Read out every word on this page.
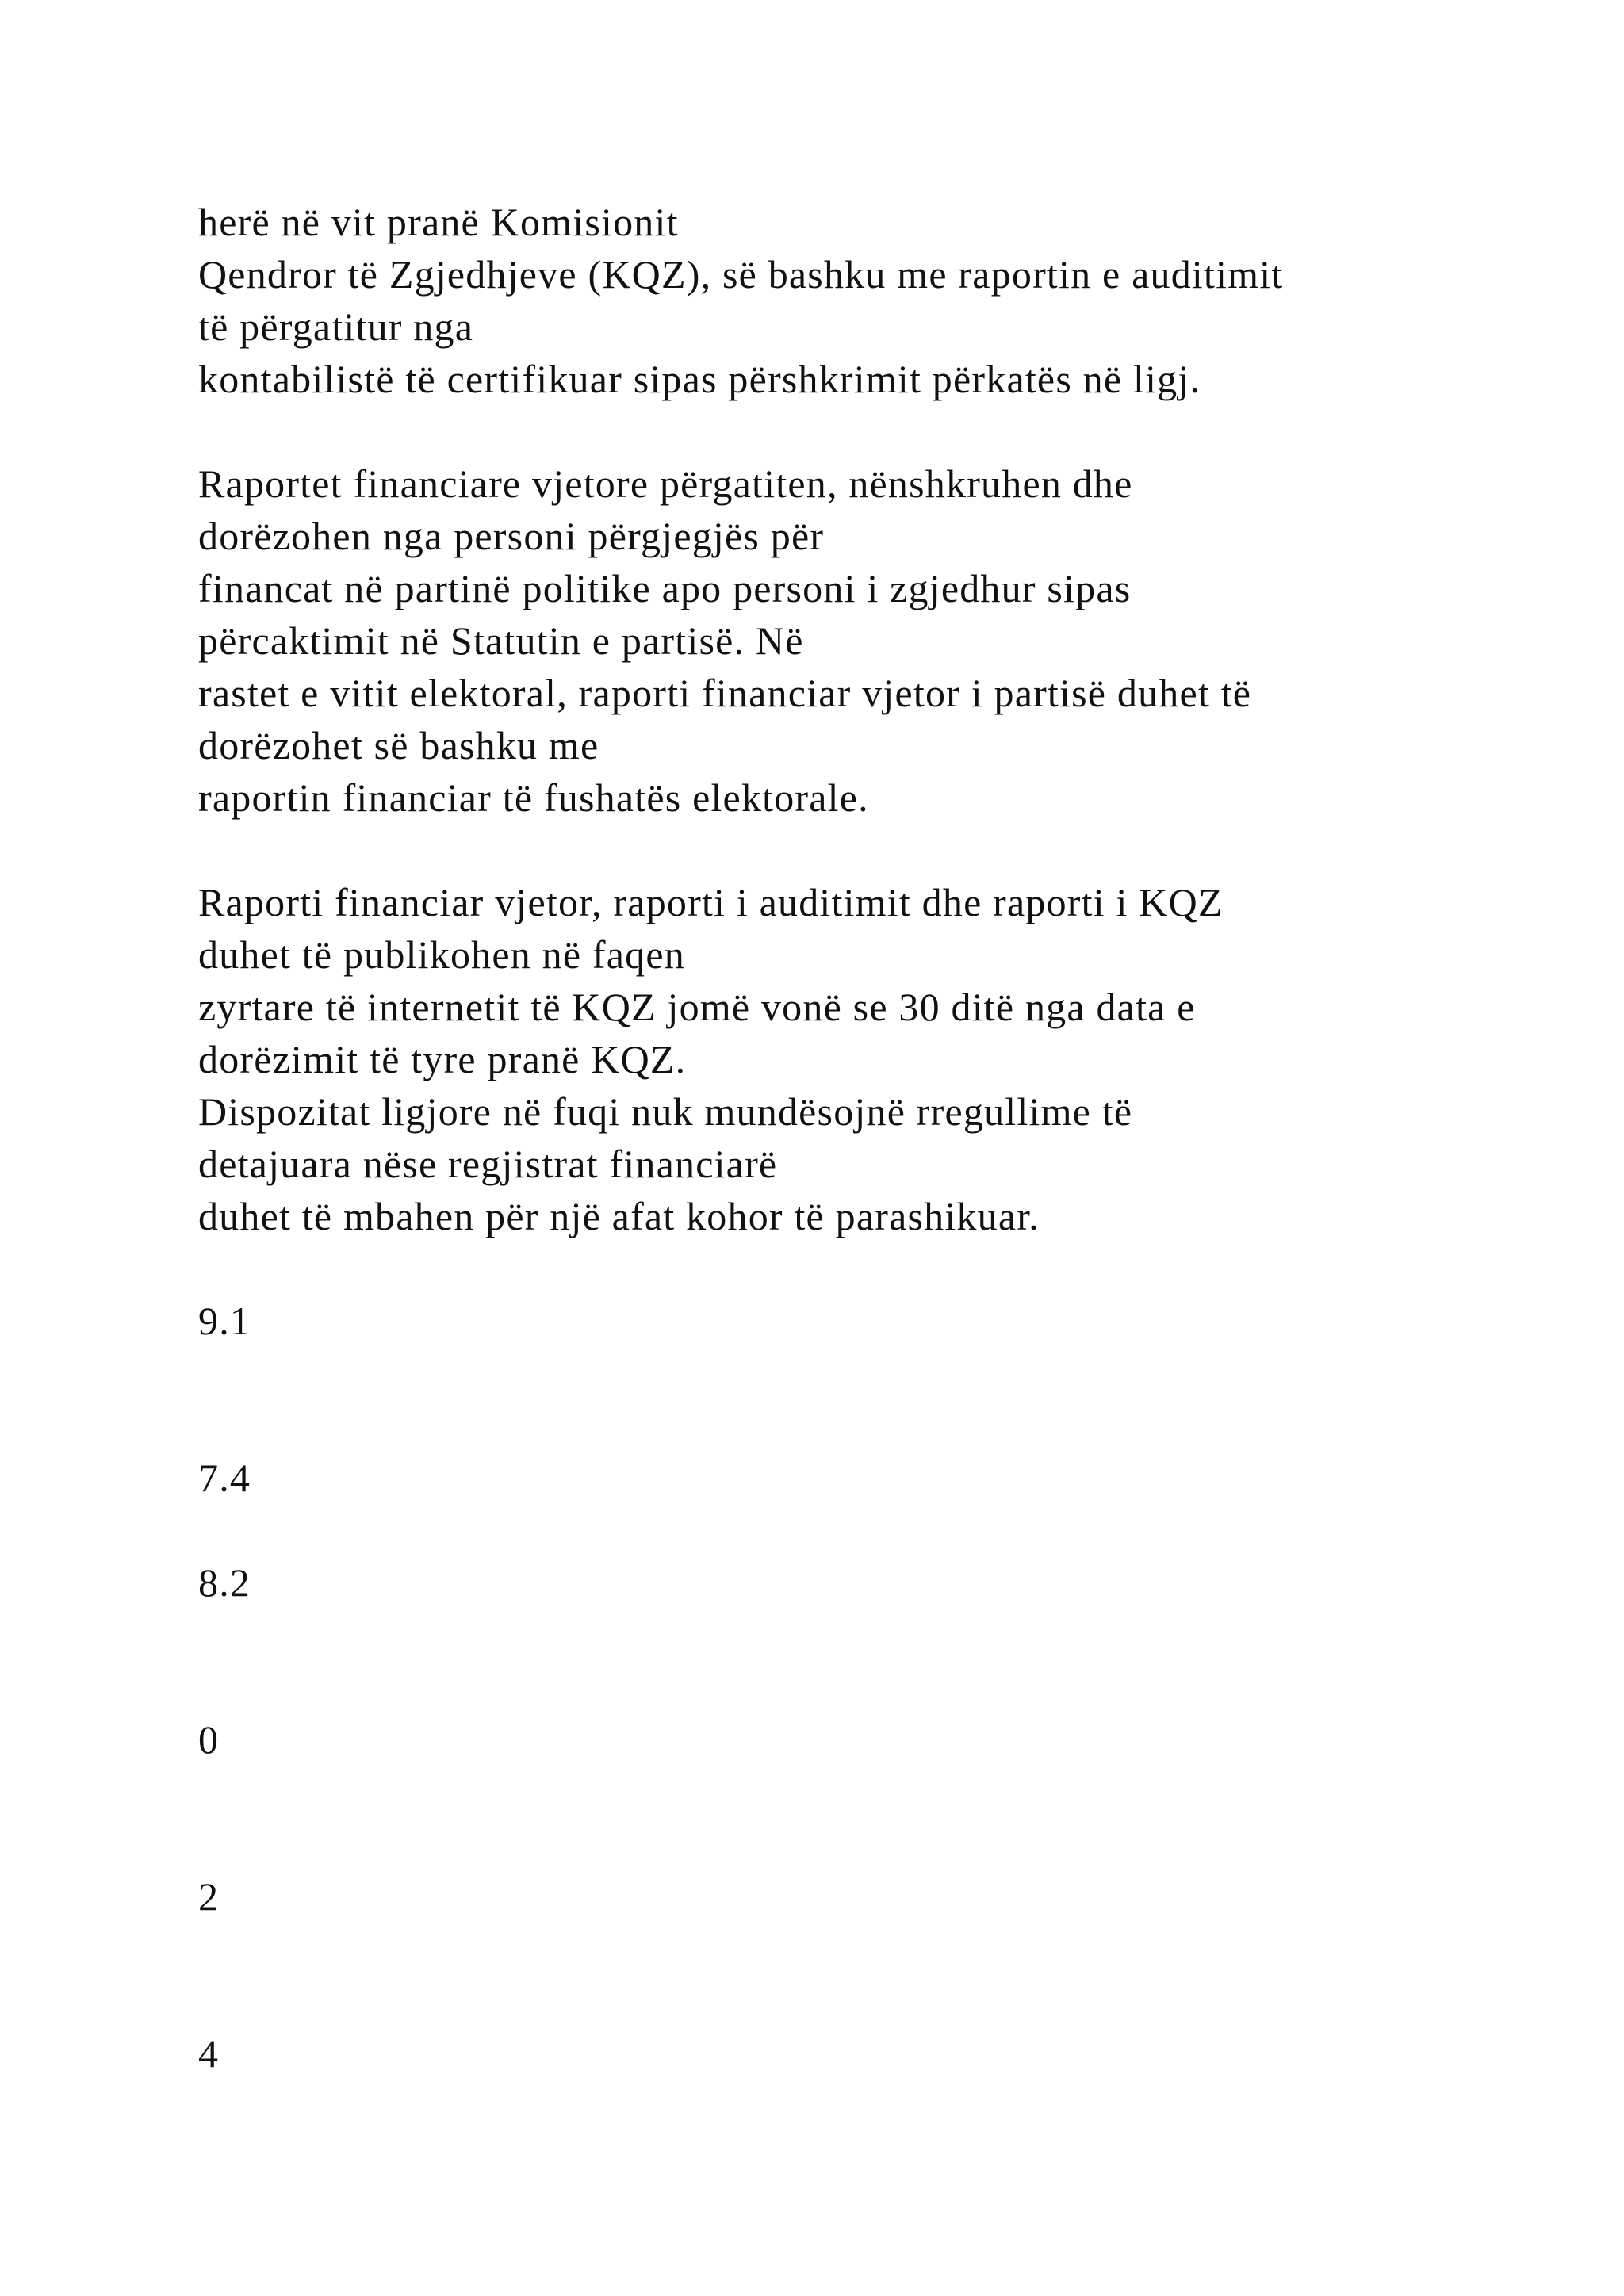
herë në vit pranë Komisionit
Qendror të Zgjedhjeve (KQZ), së bashku me raportin e auditimit
të përgatitur nga
kontabilistë të certifikuar sipas përshkrimit përkatës në ligj.
Raportet financiare vjetore përgatiten, nënshkruhen dhe
dorëzohen nga personi përgjegjës për
financat në partinë politike apo personi i zgjedhur sipas
përcaktimit në Statutin e partisë. Në
rastet e vitit elektoral, raporti financiar vjetor i partisë duhet të
dorëzohet së bashku me
raportin financiar të fushatës elektorale.
Raporti financiar vjetor, raporti i auditimit dhe raporti i KQZ
duhet të publikohen në faqen
zyrtare të internetit të KQZ jomë vonë se 30 ditë nga data e
dorëzimit të tyre pranë KQZ.
Dispozitat ligjore në fuqi nuk mundësojnë rregullime të
detajuara nëse regjistrat financiarë
duhet të mbahen për një afat kohor të parashikuar.
9.1
7.4
8.2
0
2
4
